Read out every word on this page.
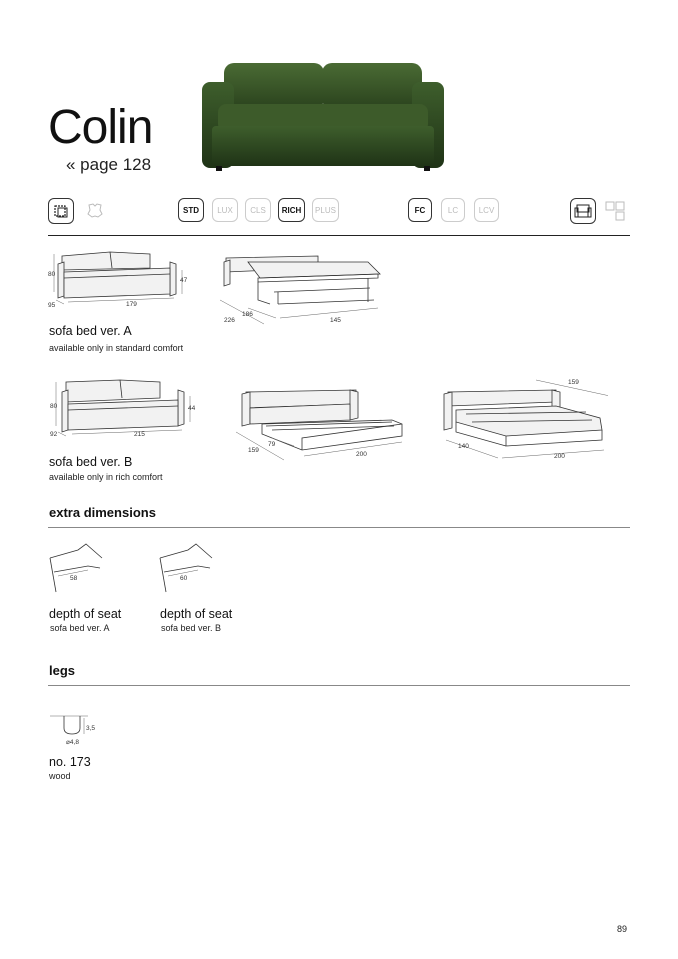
Colin
« page 128
STD	LUX	CLS	RICH	PLUS	FC	LC	LCV
80
47
95	179
226
186
145
sofa bed ver. A
available only in standard comfort
80	44
92	215
159
79
200
159
140
200
sofa bed ver. B
available only in rich comfort
extra dimensions
58	60
depth of seat
sofa bed ver. A
depth of seat
sofa bed ver. B
legs
3,5
⌀4,8
no. 173
wood
89
